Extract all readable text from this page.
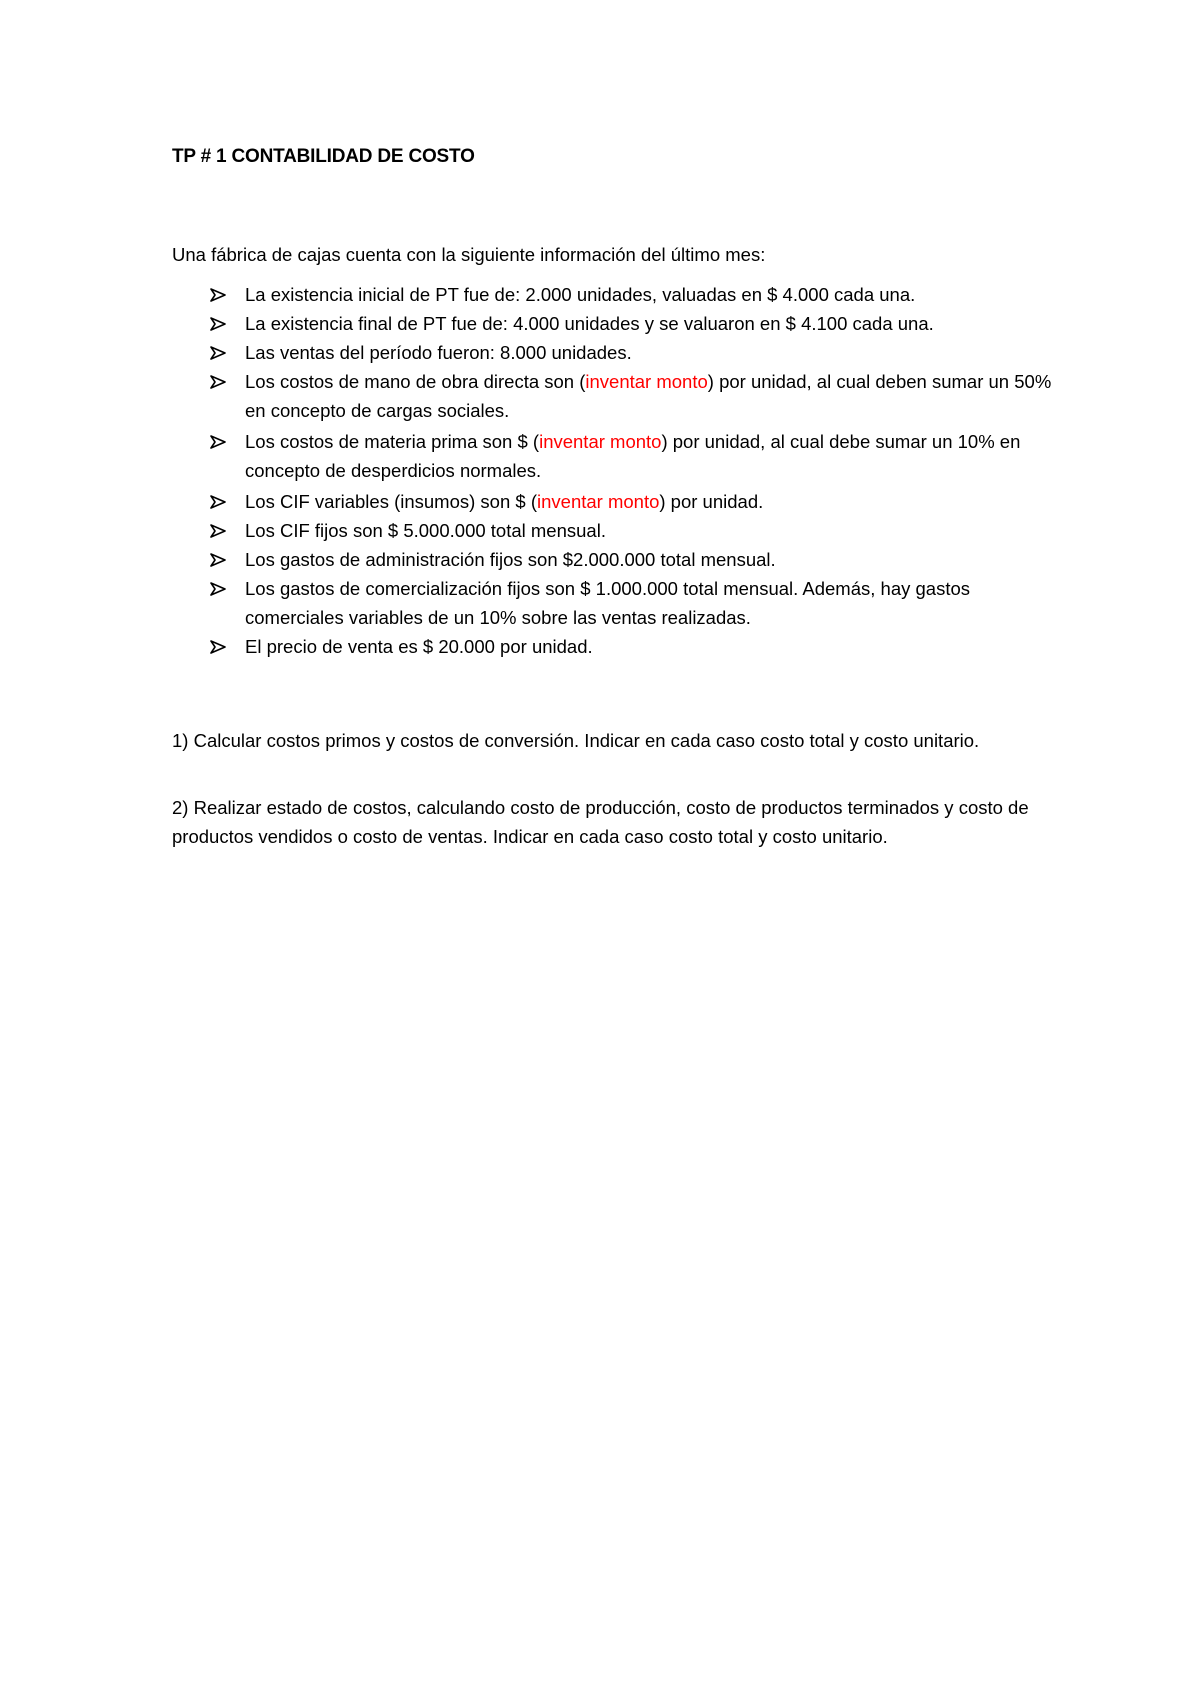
TP # 1 CONTABILIDAD DE COSTO
Una fábrica de cajas cuenta con la siguiente información del último mes:
La existencia inicial de PT fue de: 2.000 unidades, valuadas en $ 4.000 cada una.
La existencia final de PT fue de: 4.000 unidades y se valuaron en $ 4.100 cada una.
Las ventas del período fueron: 8.000 unidades.
Los costos de mano de obra directa son (inventar monto) por unidad, al cual deben sumar un 50% en concepto de cargas sociales.
Los costos de materia prima son $ (inventar monto) por unidad, al cual debe sumar un 10% en concepto de desperdicios normales.
Los CIF variables (insumos) son $ (inventar monto) por unidad.
Los CIF fijos son $ 5.000.000 total mensual.
Los gastos de administración fijos son $2.000.000 total mensual.
Los gastos de comercialización fijos son $ 1.000.000 total mensual. Además, hay gastos comerciales variables de un 10% sobre las ventas realizadas.
El precio de venta es $ 20.000 por unidad.

1) Calcular costos primos y costos de conversión. Indicar en cada caso costo total y costo unitario.

2) Realizar estado de costos, calculando costo de producción, costo de productos terminados y costo de productos vendidos o costo de ventas. Indicar en cada caso costo total y costo unitario.
